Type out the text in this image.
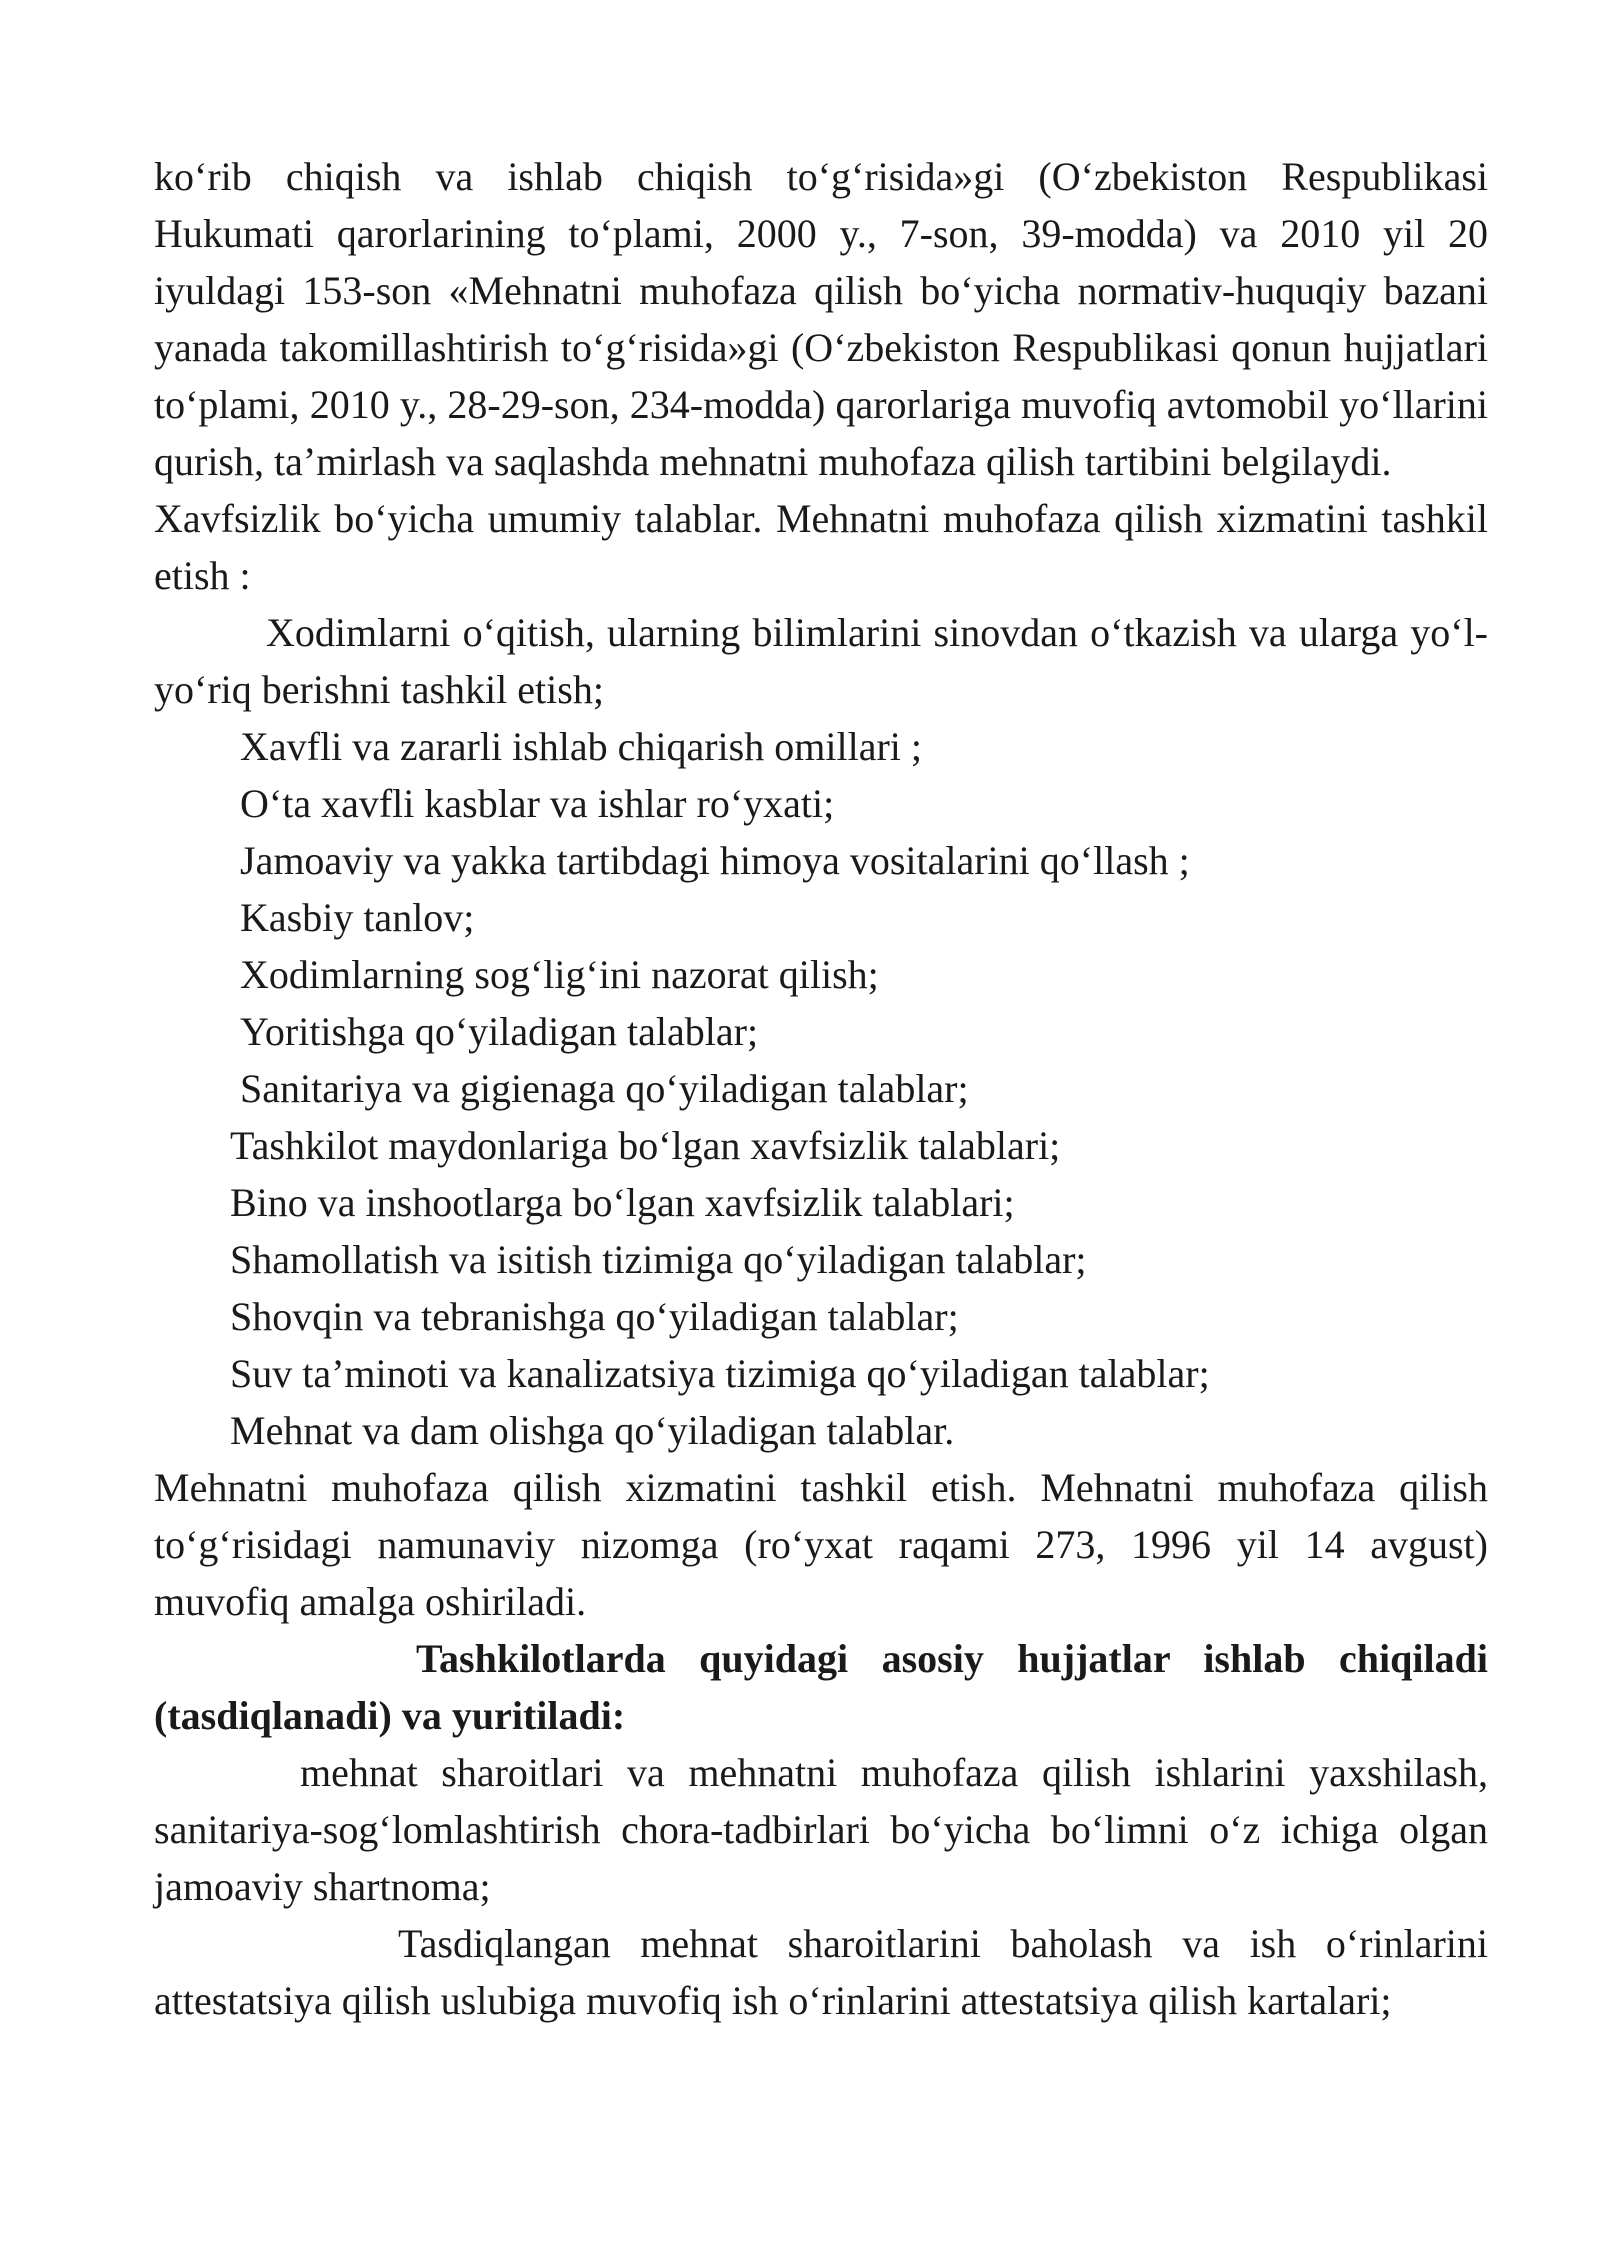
ko‘rib chiqish va ishlab chiqish to‘g‘risida»gi (O‘zbekiston Respublikasi Hukumati qarorlarining to‘plami, 2000 y., 7-son, 39-modda) va 2010 yil 20 iyuldagi 153-son «Mehnatni muhofaza qilish bo‘yicha normativ-huquqiy bazani yanada takomillashtirish to‘g‘risida»gi (O‘zbekiston Respublikasi qonun hujjatlari to‘plami, 2010 y., 28-29-son, 234-modda) qarorlariga muvofiq avtomobil yo‘llarini qurish, ta’mirlash va saqlashda mehnatni muhofaza qilish tartibini belgilaydi.

Xavfsizlik bo‘yicha umumiy talablar. Mehnatni muhofaza qilish xizmatini tashkil etish :

Xodimlarni o‘qitish, ularning bilimlarini sinovdan o‘tkazish va ularga yo‘l-yo‘riq berishni tashkil etish;

Xavfli va zararli ishlab chiqarish omillari ;

O‘ta xavfli kasblar va ishlar ro‘yxati;

Jamoaviy va yakka tartibdagi himoya vositalarini qo‘llash ;

Kasbiy tanlov;

Xodimlarning sog‘lig‘ini nazorat qilish;

Yoritishga qo‘yiladigan talablar;

Sanitariya va gigienaga qo‘yiladigan talablar;

Tashkilot maydonlariga bo‘lgan xavfsizlik talablari;

Bino va inshootlarga bo‘lgan xavfsizlik talablari;

Shamollatish va isitish tizimiga qo‘yiladigan talablar;

Shovqin va tebranishga qo‘yiladigan talablar;

Suv ta’minoti va kanalizatsiya tizimiga qo‘yiladigan talablar;

Mehnat va dam olishga qo‘yiladigan talablar.

Mehnatni muhofaza qilish xizmatini tashkil etish. Mehnatni muhofaza qilish to‘g‘risidagi namunaviy nizomga (ro‘yxat raqami 273, 1996 yil 14 avgust) muvofiq amalga oshiriladi.

Tashkilotlarda quyidagi asosiy hujjatlar ishlab chiqiladi (tasdiqlanadi) va yuritiladi:

mehnat sharoitlari va mehnatni muhofaza qilish ishlarini yaxshilash, sanitariya-sog‘lomlashtirish chora-tadbirlari bo‘yicha bo‘limni o‘z ichiga olgan jamoaviy shartnoma;

Tasdiqlangan mehnat sharoitlarini baholash va ish o‘rinlarini attestatsiya qilish uslubiga muvofiq ish o‘rinlarini attestatsiya qilish kartalari;
